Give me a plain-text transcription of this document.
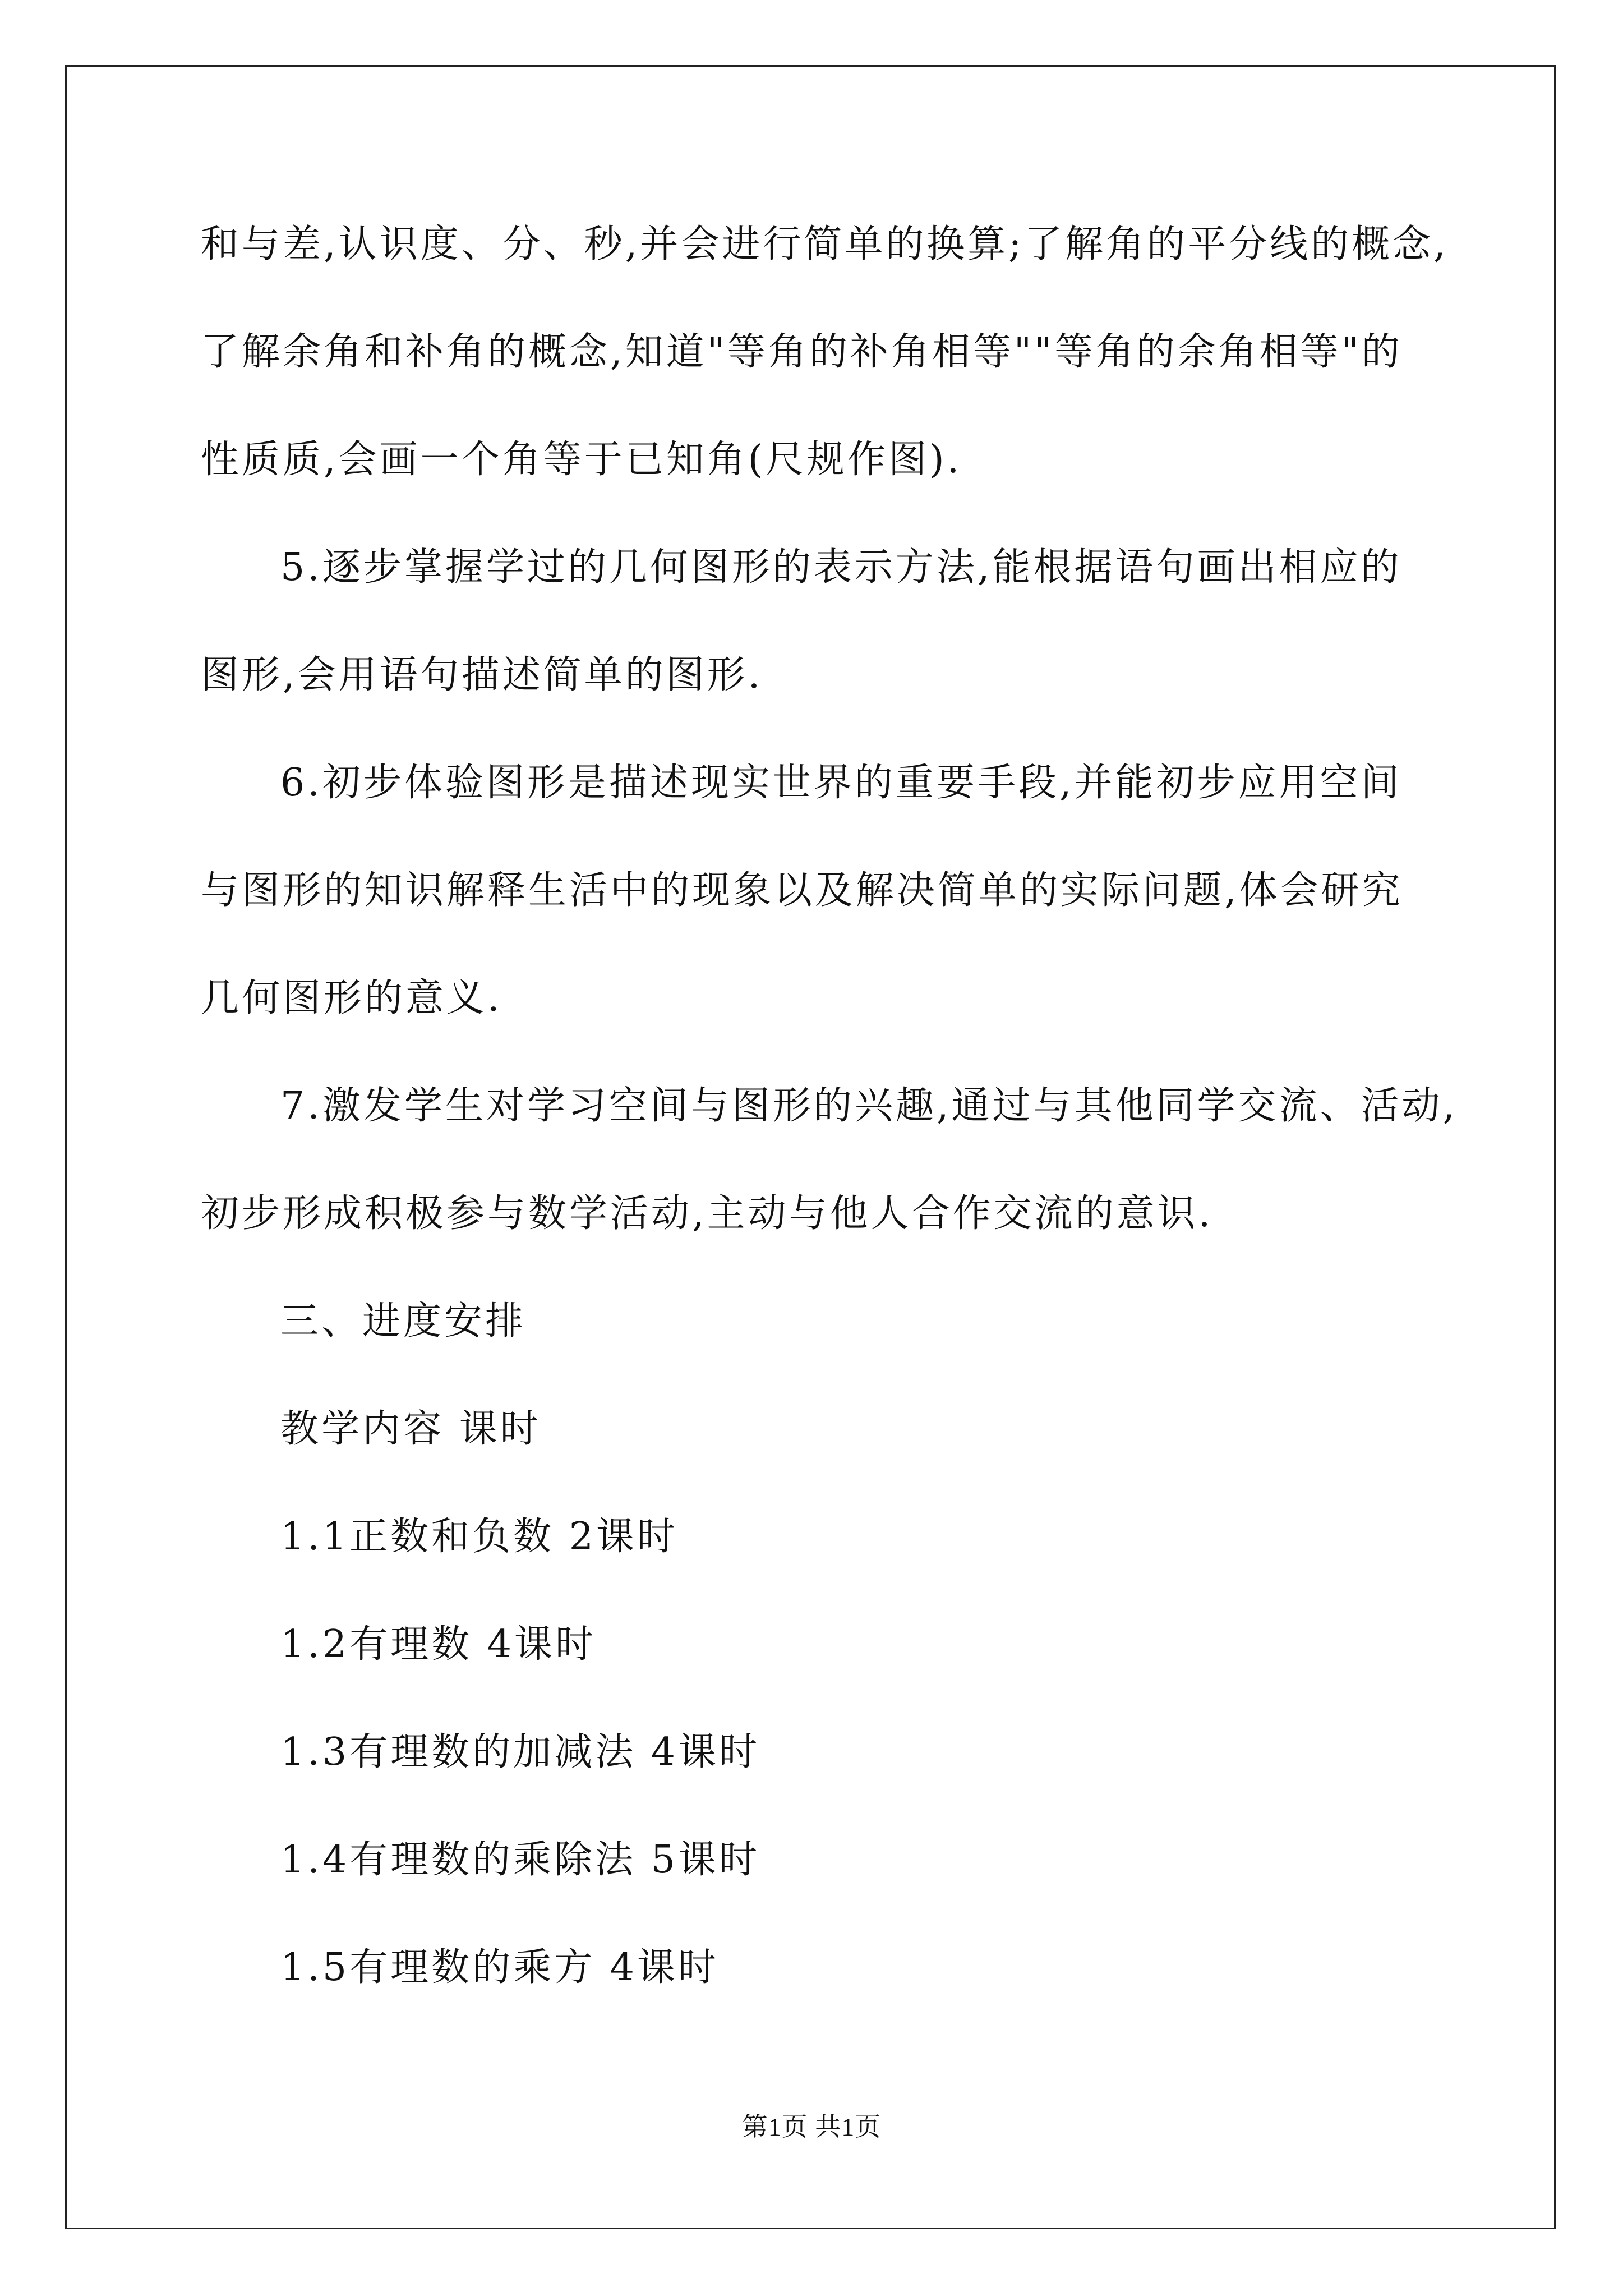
和与差,认识度、分、秒,并会进行简单的换算;了解角的平分线的概念,
了解余角和补角的概念,知道"等角的补角相等""等角的余角相等"的
性质质,会画一个角等于已知角(尺规作图).
5.逐步掌握学过的几何图形的表示方法,能根据语句画出相应的
图形,会用语句描述简单的图形.
6.初步体验图形是描述现实世界的重要手段,并能初步应用空间
与图形的知识解释生活中的现象以及解决简单的实际问题,体会研究
几何图形的意义.
7.激发学生对学习空间与图形的兴趣,通过与其他同学交流、活动,
初步形成积极参与数学活动,主动与他人合作交流的意识.
三、进度安排
教学内容 课时
1.1正数和负数 2课时
1.2有理数 4课时
1.3有理数的加减法 4课时
1.4有理数的乘除法 5课时
1.5有理数的乘方 4课时
第1页 共1页
